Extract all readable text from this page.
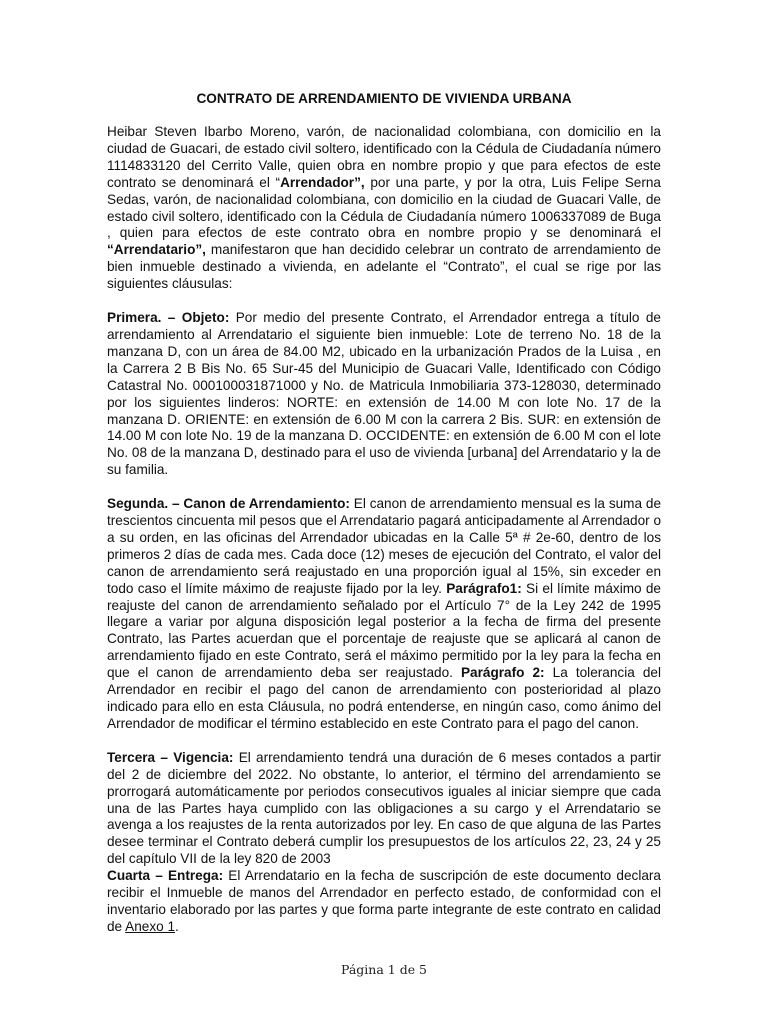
CONTRATO DE ARRENDAMIENTO DE VIVIENDA URBANA

Heibar Steven Ibarbo Moreno, varón, de nacionalidad colombiana, con domicilio en la ciudad de Guacari, de estado civil soltero, identificado con la Cédula de Ciudadanía número 1114833120 del Cerrito Valle, quien obra en nombre propio y que para efectos de este contrato se denominará el “Arrendador”, por una parte, y por la otra, Luis Felipe Serna Sedas, varón, de nacionalidad colombiana, con domicilio en la ciudad de Guacari Valle, de estado civil soltero, identificado con la Cédula de Ciudadanía número 1006337089 de Buga , quien para efectos de este contrato obra en nombre propio y se denominará el “Arrendatario”, manifestaron que han decidido celebrar un contrato de arrendamiento de bien inmueble destinado a vivienda, en adelante el “Contrato”, el cual se rige por las siguientes cláusulas:

Primera. – Objeto: Por medio del presente Contrato, el Arrendador entrega a título de arrendamiento al Arrendatario el siguiente bien inmueble: Lote de terreno No. 18 de la manzana D, con un área de 84.00 M2, ubicado en la urbanización Prados de la Luisa , en la Carrera 2 B Bis No. 65 Sur-45 del Municipio de Guacari Valle, Identificado con Código Catastral No. 000100031871000 y No. de Matricula Inmobiliaria 373-128030, determinado por los siguientes linderos: NORTE: en extensión de 14.00 M con lote No. 17 de la manzana D. ORIENTE: en extensión de 6.00 M con la carrera 2 Bis. SUR: en extensión de 14.00 M con lote No. 19 de la manzana D. OCCIDENTE: en extensión de 6.00 M con el lote No. 08 de la manzana D, destinado para el uso de vivienda [urbana] del Arrendatario y la de su familia.

Segunda. – Canon de Arrendamiento: El canon de arrendamiento mensual es la suma de trescientos cincuenta mil pesos que el Arrendatario pagará anticipadamente al Arrendador o a su orden, en las oficinas del Arrendador ubicadas en la Calle 5ª # 2e-60, dentro de los primeros 2 días de cada mes. Cada doce (12) meses de ejecución del Contrato, el valor del canon de arrendamiento será reajustado en una proporción igual al 15%, sin exceder en todo caso el límite máximo de reajuste fijado por la ley. Parágrafo1: Si el límite máximo de reajuste del canon de arrendamiento señalado por el Artículo 7° de la Ley 242 de 1995 llegare a variar por alguna disposición legal posterior a la fecha de firma del presente Contrato, las Partes acuerdan que el porcentaje de reajuste que se aplicará al canon de arrendamiento fijado en este Contrato, será el máximo permitido por la ley para la fecha en que el canon de arrendamiento deba ser reajustado. Parágrafo 2: La tolerancia del Arrendador en recibir el pago del canon de arrendamiento con posterioridad al plazo indicado para ello en esta Cláusula, no podrá entenderse, en ningún caso, como ánimo del Arrendador de modificar el término establecido en este Contrato para el pago del canon.

Tercera – Vigencia: El arrendamiento tendrá una duración de 6 meses contados a partir del 2 de diciembre del 2022. No obstante, lo anterior, el término del arrendamiento se prorrogará automáticamente por periodos consecutivos iguales al iniciar siempre que cada una de las Partes haya cumplido con las obligaciones a su cargo y el Arrendatario se avenga a los reajustes de la renta autorizados por ley. En caso de que alguna de las Partes desee terminar el Contrato deberá cumplir los presupuestos de los artículos 22, 23, 24 y 25 del capítulo VII de la ley 820 de 2003

Cuarta – Entrega: El Arrendatario en la fecha de suscripción de este documento declara recibir el Inmueble de manos del Arrendador en perfecto estado, de conformidad con el inventario elaborado por las partes y que forma parte integrante de este contrato en calidad de Anexo 1.

Página 1 de 5
